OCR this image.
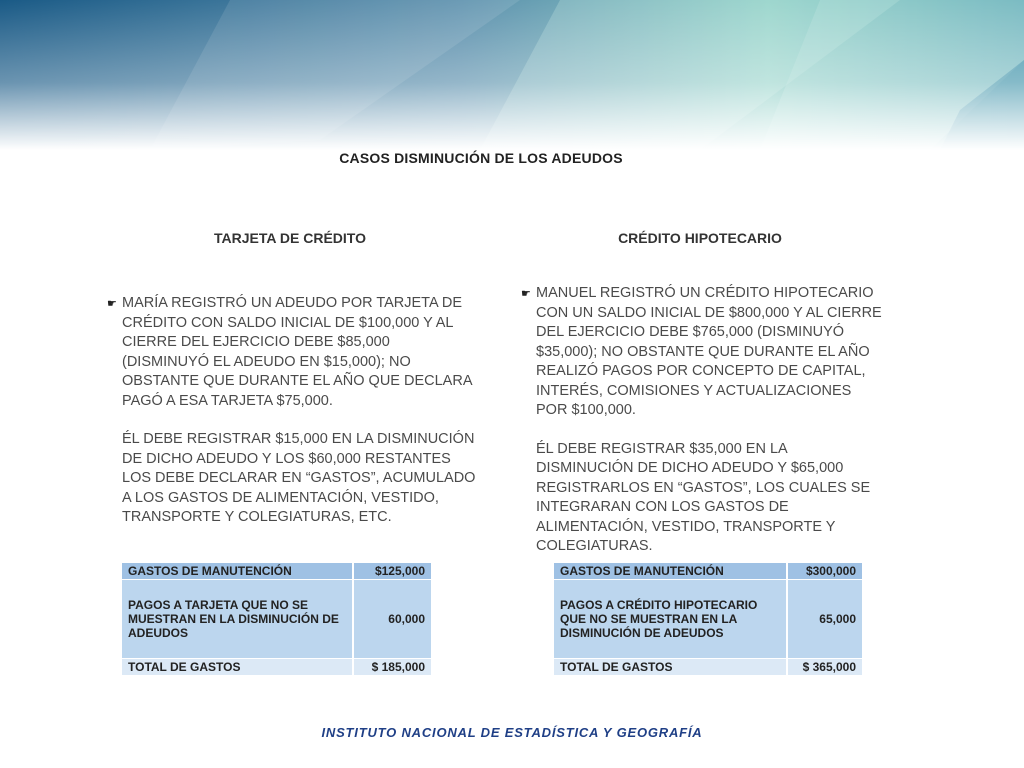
CASOS DISMINUCIÓN DE LOS ADEUDOS
TARJETA DE CRÉDITO	CRÉDITO HIPOTECARIO
☛ MARÍA REGISTRÓ UN ADEUDO POR TARJETA DE CRÉDITO CON SALDO INICIAL DE $100,000 Y AL CIERRE DEL EJERCICIO DEBE $85,000 (DISMINUYÓ EL ADEUDO EN $15,000); NO OBSTANTE QUE DURANTE EL AÑO QUE DECLARA PAGÓ A ESA TARJETA $75,000.

ÉL DEBE REGISTRAR $15,000 EN LA DISMINUCIÓN DE DICHO ADEUDO Y LOS $60,000 RESTANTES LOS DEBE DECLARAR EN “GASTOS”, ACUMULADO A LOS GASTOS DE ALIMENTACIÓN, VESTIDO, TRANSPORTE Y COLEGIATURAS, ETC.

☛ MANUEL REGISTRÓ UN CRÉDITO HIPOTECARIO CON UN SALDO INICIAL DE $800,000 Y AL CIERRE DEL EJERCICIO DEBE $765,000 (DISMINUYÓ $35,000); NO OBSTANTE QUE DURANTE EL AÑO REALIZÓ PAGOS POR CONCEPTO DE CAPITAL, INTERÉS, COMISIONES Y ACTUALIZACIONES POR $100,000.

ÉL DEBE REGISTRAR $35,000 EN LA DISMINUCIÓN DE DICHO ADEUDO Y $65,000 REGISTRARLOS EN “GASTOS”, LOS CUALES SE INTEGRARAN CON LOS GASTOS DE ALIMENTACIÓN, VESTIDO, TRANSPORTE Y COLEGIATURAS.

GASTOS DE MANUTENCIÓN	$125,000
PAGOS A TARJETA QUE NO SE MUESTRAN EN LA DISMINUCIÓN DE ADEUDOS	60,000
TOTAL DE GASTOS	$ 185,000
GASTOS DE MANUTENCIÓN	$300,000
PAGOS A CRÉDITO HIPOTECARIO QUE NO SE MUESTRAN EN LA DISMINUCIÓN DE ADEUDOS	65,000
TOTAL DE GASTOS	$ 365,000
INSTITUTO NACIONAL DE ESTADÍSTICA Y GEOGRAFÍA
